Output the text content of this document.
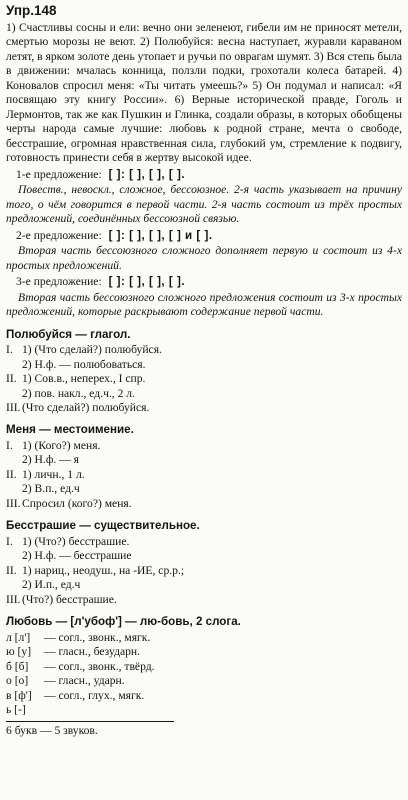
Упр.148

1) Счастливы сосны и ели: вечно они зеленеют, гибели им не приносят метели, смертью морозы не веют. 2) Полюбуйся: весна наступает, журавли караваном летят, в ярком золоте день утопает и ручьи по оврагам шумят. 3) Вся степь была в движении: мчалась конница, ползли подки, грохотали колеса батарей. 4) Коновалов спросил меня: «Ты читать умеешь?» 5) Он подумал и написал: «Я посвящаю эту книгу России». 6) Верные исторической правде, Гоголь и Лермонтов, так же как Пушкин и Глинка, создали образы, в которых обобщены черты народа самые лучшие: любовь к родной стране, мечта о свободе, бесстрашие, огромная нравственная сила, глубокий ум, стремление к подвигу, готовность принести себя в жертву высокой идее.

1-е предложение: [ ]: [ ], [ ], [ ].

Повеств., невоскл., сложное, бессоюзное. 2-я часть указывает на причину того, о чём говорится в первой части. 2-я часть состоит из трёх простых предложений, соединённых бессоюзной связью.

2-е предложение: [ ]: [ ], [ ], [ ] и [ ].

Вторая часть бессоюзного сложного дополняет первую и состоит из 4-х простых предложений.

3-е предложение: [ ]: [ ], [ ], [ ].

Вторая часть бессоюзного сложного предложения состоит из 3-х простых предложений, которые раскрывают содержание первой части.

Полюбуйся — глагол.
I. 1) (Что сделай?) полюбуйся.
2) Н.ф. — полюбоваться.
II. 1) Сов.в., неперех., I спр.
2) пов. накл., ед.ч., 2 л.
III. (Что сделай?) полюбуйся.
Меня — местоимение.
I. 1) (Кого?) меня.
2) Н.ф. — я
II. 1) личн., 1 л.
2) В.п., ед.ч
III. Спросил (кого?) меня.
Бесстрашие — существительное.
I. 1) (Что?) бесстрашие.
2) Н.ф. — бесстрашие
II. 1) нариц., неодуш., на -ИЕ, ср.р.;
2) И.п., ед.ч
III. (Что?) бесстрашие.
Любовь — [л'убоф'] — лю-бовь, 2 слога.
л [л']	— согл., звонк., мягк.
ю [у]	— гласн., безударн.
б [б]	— согл., звонк., твёрд.
о [о]	— гласн., ударн.
в [ф']	— согл., глух., мягк.
ь [-]
6 букв — 5 звуков.
